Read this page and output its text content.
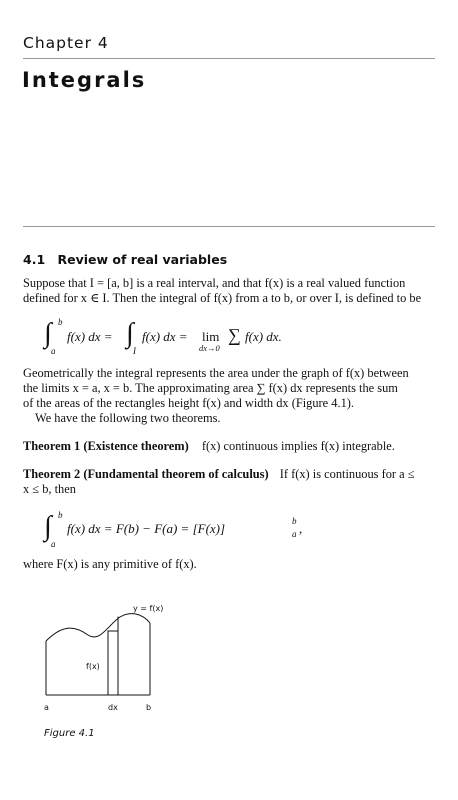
Chapter 4
Integrals
4.1 Review of real variables
Suppose that I = [a, b] is a real interval, and that f(x) is a real valued function
defined for x ∈ I. Then the integral of f(x) from a to b, or over I, is defined to be
∫ b
a
f(x) dx = ∫
I
f(x) dx = lim
dx→0
∑ f(x) dx.
Geometrically the integral represents the area under the graph of f(x) between
the limits x = a, x = b. The approximating area ∑ f(x) dx represents the sum
of the areas of the rectangles height f(x) and width dx (Figure 4.1).
We have the following two theorems.
Theorem 1 (Existence theorem) f(x) continuous implies f(x) integrable.
Theorem 2 (Fundamental theorem of calculus) If f(x) is continuous for a ≤
x ≤ b, then
∫ b
a
f(x) dx = F(b) − F(a) = [F(x)]	b
a ,
where F(x) is any primitive of f(x).
y = f(x)
f(x)
a	dx	b
Figure 4.1
